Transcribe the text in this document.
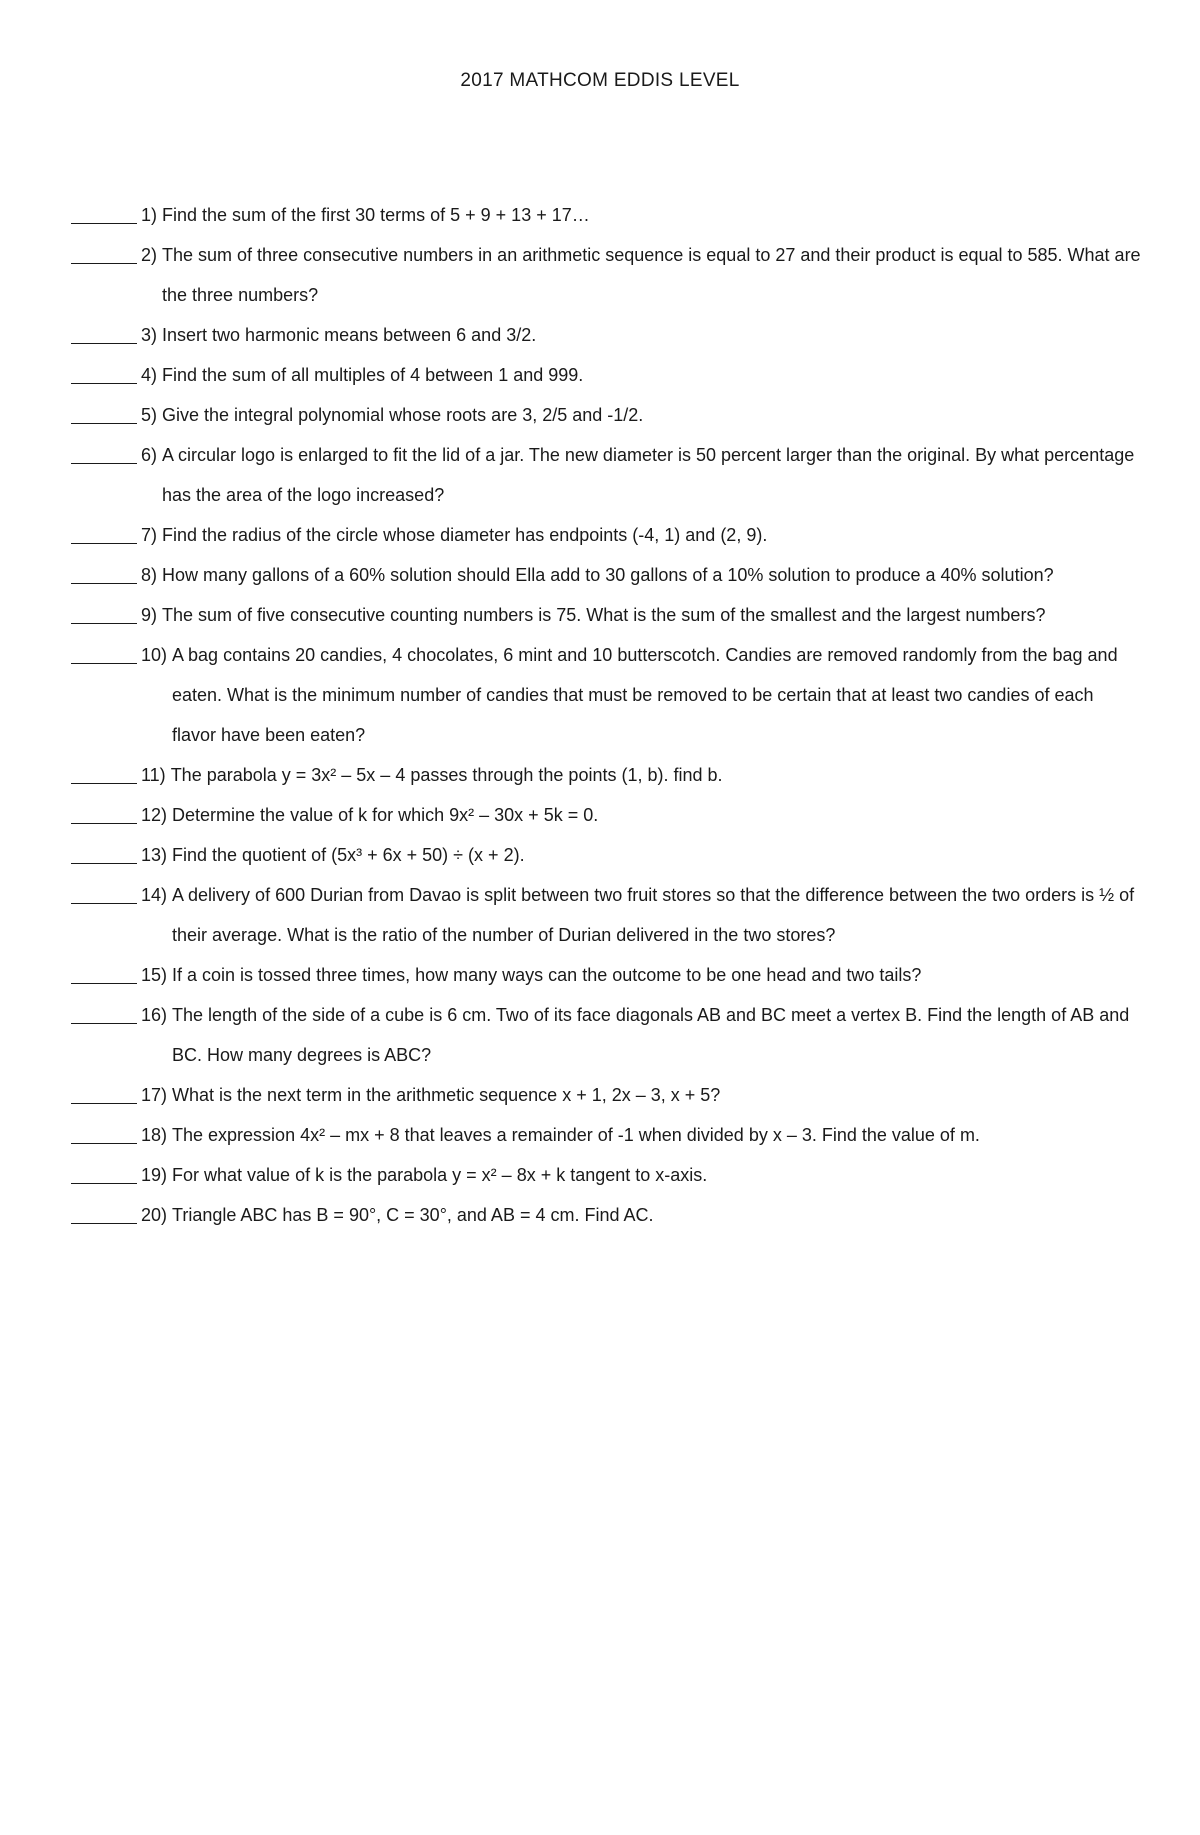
2017 MATHCOM EDDIS LEVEL
1) Find the sum of the first 30 terms of 5 + 9 + 13 + 17…
2) The sum of three consecutive numbers in an arithmetic sequence is equal to 27 and their product is equal to 585. What are the three numbers?
3) Insert two harmonic means between 6 and 3/2.
4) Find the sum of all multiples of 4 between 1 and 999.
5) Give the integral polynomial whose roots are 3, 2/5 and -1/2.
6) A circular logo is enlarged to fit the lid of a jar. The new diameter is 50 percent larger than the original. By what percentage has the area of the logo increased?
7) Find the radius of the circle whose diameter has endpoints (-4, 1) and (2, 9).
8) How many gallons of a 60% solution should Ella add to 30 gallons of a 10% solution to produce a 40% solution?
9) The sum of five consecutive counting numbers is 75. What is the sum of the smallest and the largest numbers?
10) A bag contains 20 candies, 4 chocolates, 6 mint and 10 butterscotch. Candies are removed randomly from the bag and eaten. What is the minimum number of candies that must be removed to be certain that at least two candies of each flavor have been eaten?
11) The parabola y = 3x² – 5x – 4 passes through the points (1, b). find b.
12) Determine the value of k for which 9x² – 30x + 5k = 0.
13) Find the quotient of (5x³ + 6x + 50) ÷ (x + 2).
14) A delivery of 600 Durian from Davao is split between two fruit stores so that the difference between the two orders is ½ of their average. What is the ratio of the number of Durian delivered in the two stores?
15) If a coin is tossed three times, how many ways can the outcome to be one head and two tails?
16) The length of the side of a cube is 6 cm. Two of its face diagonals AB and BC meet a vertex B. Find the length of AB and BC. How many degrees is ABC?
17) What is the next term in the arithmetic sequence x + 1, 2x – 3, x + 5?
18) The expression 4x² – mx + 8 that leaves a remainder of -1 when divided by x – 3. Find the value of m.
19) For what value of k is the parabola y = x² – 8x + k tangent to x-axis.
20) Triangle ABC has B = 90°, C = 30°, and AB = 4 cm. Find AC.
